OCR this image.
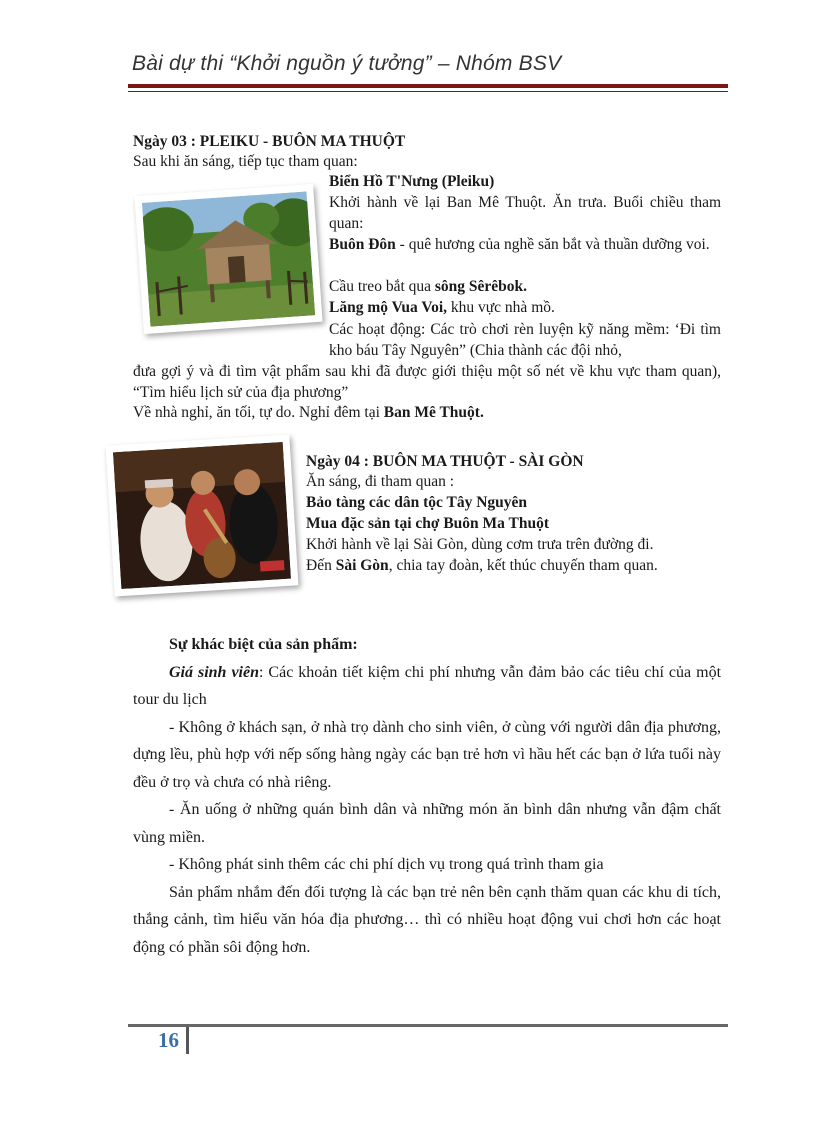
Bài dự thi “Khởi nguồn ý tưởng” – Nhóm BSV
Ngày 03 : PLEIKU - BUÔN MA THUỘT
Sau khi ăn sáng, tiếp tục tham quan:
Biển Hồ T'Nưng (Pleiku)
Khởi hành về lại Ban Mê Thuột. Ăn trưa. Buổi chiều tham quan:
Buôn Đôn - quê hương của nghề săn bắt và thuần dưỡng voi.
Cầu treo bắt qua sông Sêrêbok.
Lăng mộ Vua Voi, khu vực nhà mồ.
Các hoạt động: Các trò chơi rèn luyện kỹ năng mềm: ‘Đi tìm kho báu Tây Nguyên” (Chia thành các đội nhỏ,
đưa gợi ý và đi tìm vật phẩm sau khi đã được giới thiệu một số nét về khu vực tham quan), “Tìm hiểu lịch sử của địa phương”
Về nhà nghỉ, ăn tối, tự do. Nghỉ đêm tại Ban Mê Thuột.
Ngày 04 : BUÔN MA THUỘT - SÀI GÒN
Ăn sáng, đi tham quan :
Bảo tàng các dân tộc Tây Nguyên
Mua đặc sản tại chợ Buôn Ma Thuột
Khởi hành về lại Sài Gòn, dùng cơm trưa trên đường đi.
Đến Sài Gòn, chia tay đoàn, kết thúc chuyến tham quan.

Sự khác biệt của sản phẩm:

Giá sinh viên: Các khoản tiết kiệm chi phí nhưng vẫn đảm bảo các tiêu chí của một tour du lịch

- Không ở khách sạn, ở nhà trọ dành cho sinh viên, ở cùng với người dân địa phương, dựng lều, phù hợp với nếp sống hàng ngày các bạn trẻ hơn vì hầu hết các bạn ở lứa tuổi này đều ở trọ và chưa có nhà riêng.

- Ăn uống ở những quán bình dân và những món ăn bình dân nhưng vẫn đậm chất vùng miền.

- Không phát sinh thêm các chi phí dịch vụ trong quá trình tham gia

Sản phẩm nhắm đến đối tượng là các bạn trẻ nên bên cạnh thăm quan các khu di tích, thắng cảnh, tìm hiểu văn hóa địa phương… thì có nhiều hoạt động vui chơi hơn các hoạt động có phần sôi động hơn.

16
